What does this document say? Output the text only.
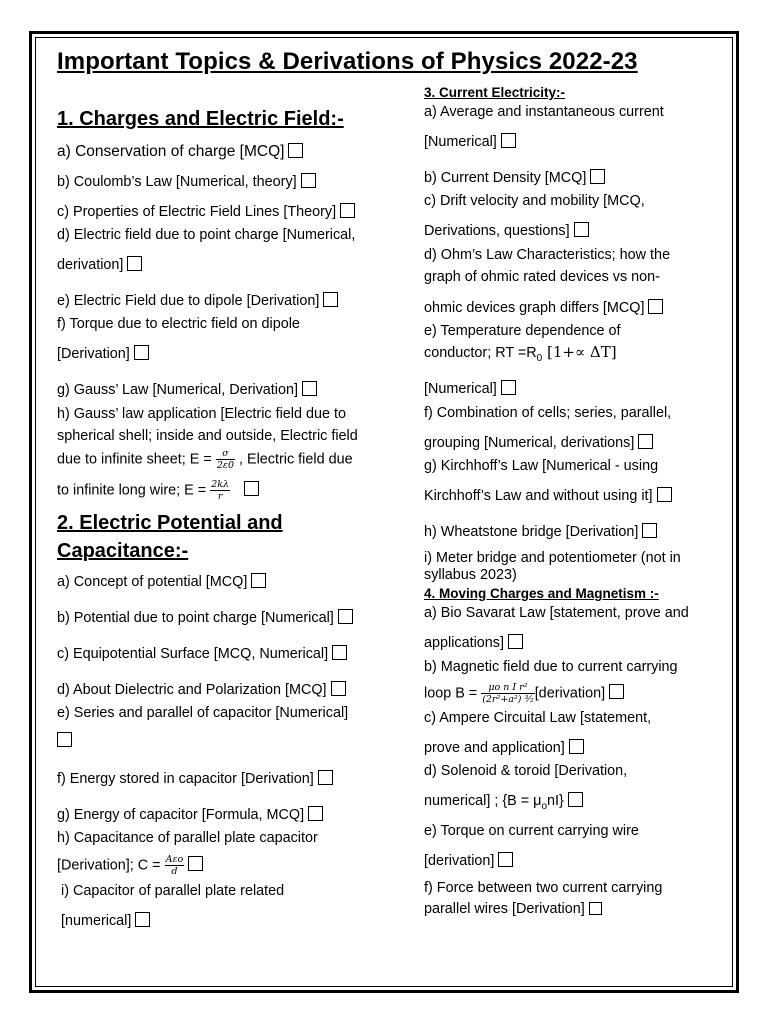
Important Topics & Derivations of Physics 2022-23
1. Charges and Electric Field:-
a) Conservation of charge [MCQ]
b) Coulomb’s Law [Numerical, theory]
c) Properties of Electric Field Lines [Theory]
d) Electric field due to point charge [Numerical,
derivation]
e) Electric Field due to dipole [Derivation]
f) Torque due to electric field on dipole
[Derivation]
g) Gauss’ Law [Numerical, Derivation]
h) Gauss’ law application [Electric field due to
spherical shell; inside and outside, Electric field
due to infinite sheet; $E = \frac{\sigma}{2\varepsilon 0}$ , Electric field due
to infinite long wire; $E = \frac{2k\lambda}{r}$

2. Electric Potential and
Capacitance:-
a) Concept of potential [MCQ]
b) Potential due to point charge [Numerical]
c) Equipotential Surface [MCQ, Numerical]
d) About Dielectric and Polarization [MCQ]
e) Series and parallel of capacitor [Numerical]
f) Energy stored in capacitor [Derivation]
g) Energy of capacitor [Formula, MCQ]
h) Capacitance of parallel plate capacitor
[Derivation]; $C = \frac{\text{Aεo}}{d}$
i) Capacitor of parallel plate related
[numerical]
3. Current Electricity:-
a) Average and instantaneous current
[Numerical]
b) Current Density [MCQ]
c) Drift velocity and mobility [MCQ,
Derivations, questions]
d) Ohm’s Law Characteristics; how the
graph of ohmic rated devices vs non-
ohmic devices graph differs [MCQ]
e) Temperature dependence of
conductor; RT $=R_0$ [1+∝ ΔT]
[Numerical]
f) Combination of cells; series, parallel,
grouping [Numerical, derivations]
g) Kirchhoff’s Law [Numerical - using
Kirchhoff’s Law and without using it]
h) Wheatstone bridge [Derivation]
i) Meter bridge and potentiometer (not in
syllabus 2023)
4. Moving Charges and Magnetism :-
a) Bio Savarat Law [statement, prove and
applications]
b) Magnetic field due to current carrying
loop $B = \frac{\text{μo n I r²}}{\text{(2r²+a²) ³⁄₂}}$ [derivation]
c) Ampere Circuital Law [statement,
prove and application]
d) Solenoid & toroid [Derivation,
numerical] ; $\{B = \mu_onI\}$
e) Torque on current carrying wire
[derivation]
f) Force between two current carrying
parallel wires [Derivation]
